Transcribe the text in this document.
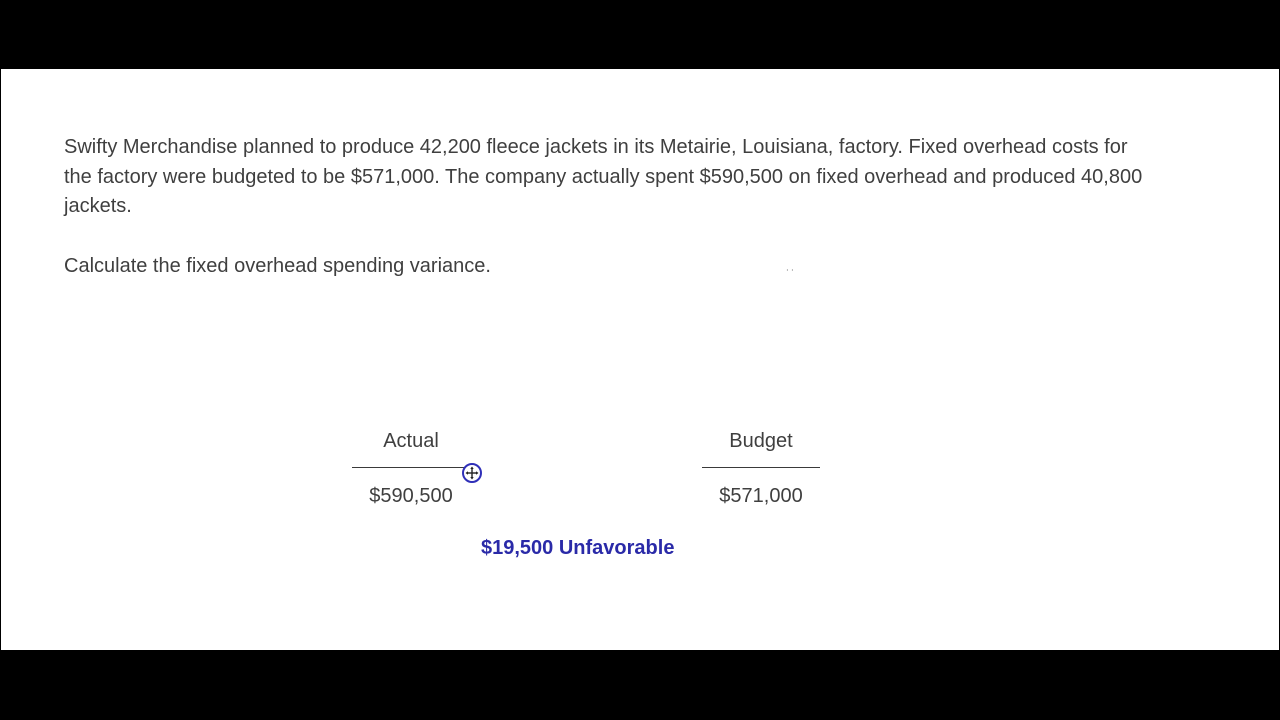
Swifty Merchandise planned to produce 42,200 fleece jackets in its Metairie, Louisiana, factory. Fixed overhead costs for
the factory were budgeted to be $571,000. The company actually spent $590,500 on fixed overhead and produced 40,800
jackets.
Calculate the fixed overhead spending variance.	˙˙
Actual
$590,500
Budget
$571,000
$19,500 Unfavorable
